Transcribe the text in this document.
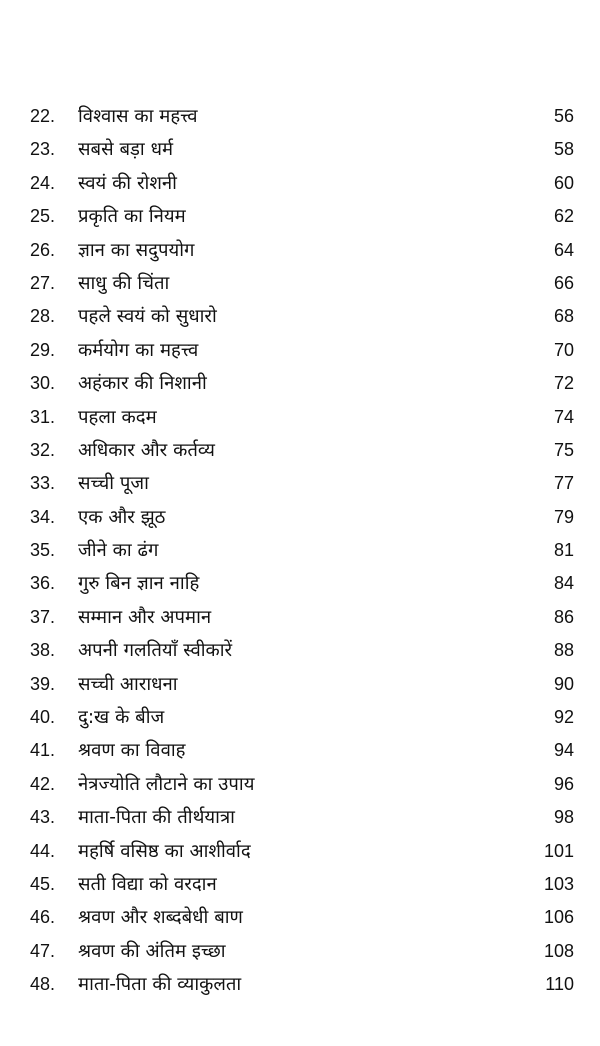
22. विश्वास का महत्त्व	56
23. सबसे बड़ा धर्म	58
24. स्वयं की रोशनी	60
25. प्रकृति का नियम	62
26. ज्ञान का सदुपयोग	64
27. साधु की चिंता	66
28. पहले स्वयं को सुधारो	68
29. कर्मयोग का महत्त्व	70
30. अहंकार की निशानी	72
31. पहला कदम	74
32. अधिकार और कर्तव्य	75
33. सच्ची पूजा	77
34. एक और झूठ	79
35. जीने का ढंग	81
36. गुरु बिन ज्ञान नाहि	84
37. सम्मान और अपमान	86
38. अपनी गलतियाँ स्वीकारें	88
39. सच्ची आराधना	90
40. दु:ख के बीज	92
41. श्रवण का विवाह	94
42. नेत्रज्योति लौटाने का उपाय	96
43. माता-पिता की तीर्थयात्रा	98
44. महर्षि वसिष्ठ का आशीर्वाद	101
45. सती विद्या को वरदान	103
46. श्रवण और शब्दबेधी बाण	106
47. श्रवण की अंतिम इच्छा	108
48. माता-पिता की व्याकुलता	110
